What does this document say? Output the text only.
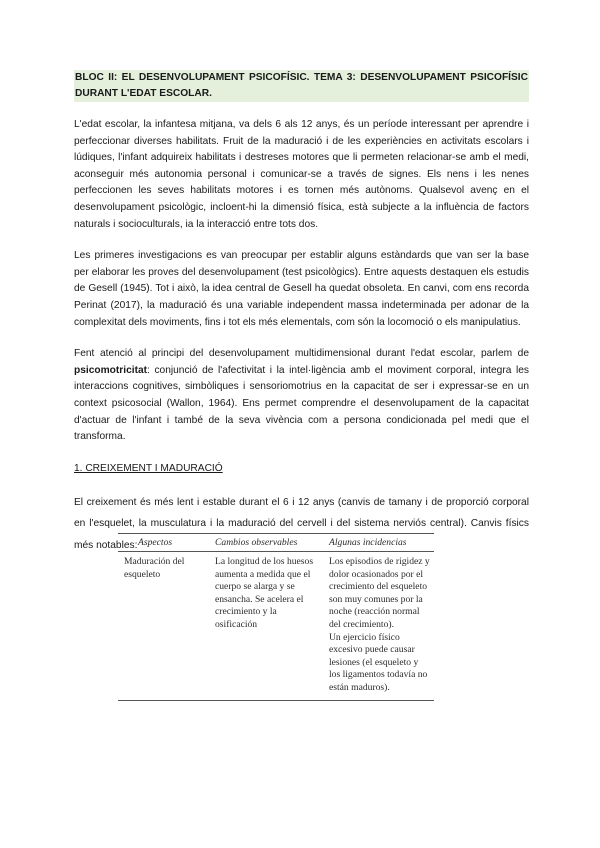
BLOC II: EL DESENVOLUPAMENT PSICOFÍSIC. TEMA 3: DESENVOLUPAMENT PSICOFÍSIC DURANT L'EDAT ESCOLAR.

L'edat escolar, la infantesa mitjana, va dels 6 als 12 anys, és un període interessant per aprendre i perfeccionar diverses habilitats. Fruit de la maduració i de les experiències en activitats escolars i lúdiques, l'infant adquireix habilitats i destreses motores que li permeten relacionar-se amb el medi, aconseguir més autonomia personal i comunicar-se a través de signes. Els nens i les nenes perfeccionen les seves habilitats motores i es tornen més autònoms. Qualsevol avenç en el desenvolupament psicològic, incloent-hi la dimensió física, està subjecte a la influència de factors naturals i socioculturals, ia la interacció entre tots dos.

Les primeres investigacions es van preocupar per establir alguns estàndards que van ser la base per elaborar les proves del desenvolupament (test psicològics). Entre aquests destaquen els estudis de Gesell (1945). Tot i això, la idea central de Gesell ha quedat obsoleta. En canvi, com ens recorda Perinat (2017), la maduració és una variable independent massa indeterminada per adonar de la complexitat dels moviments, fins i tot els més elementals, com són la locomoció o els manipulatius.

Fent atenció al principi del desenvolupament multidimensional durant l'edat escolar, parlem de psicomotricitat: conjunció de l'afectivitat i la intel·ligència amb el moviment corporal, integra les interaccions cognitives, simbòliques i sensoriomotrius en la capacitat de ser i expressar-se en un context psicosocial (Wallon, 1964). Ens permet comprendre el desenvolupament de la capacitat d'actuar de l'infant i també de la seva vivència com a persona condicionada pel medi que el transforma.

1. CREIXEMENT I MADURACIÓ

El creixement és més lent i estable durant el 6 i 12 anys (canvis de tamany i de proporció corporal en l'esquelet, la musculatura i la maduració del cervell i del sistema nerviós central). Canvis físics més notables: Aspectos	Cambios observables	Algunas incidencias
Maduración del esqueleto	La longitud de los huesos aumenta a medida que el cuerpo se alarga y se ensancha. Se acelera el crecimiento y la osificación	Los episodios de rigidez y dolor ocasionados por el crecimiento del esqueleto son muy comunes por la noche (reacción normal del crecimiento).
Un ejercicio físico excesivo puede causar lesiones (el esqueleto y los ligamentos todavía no están maduros).
